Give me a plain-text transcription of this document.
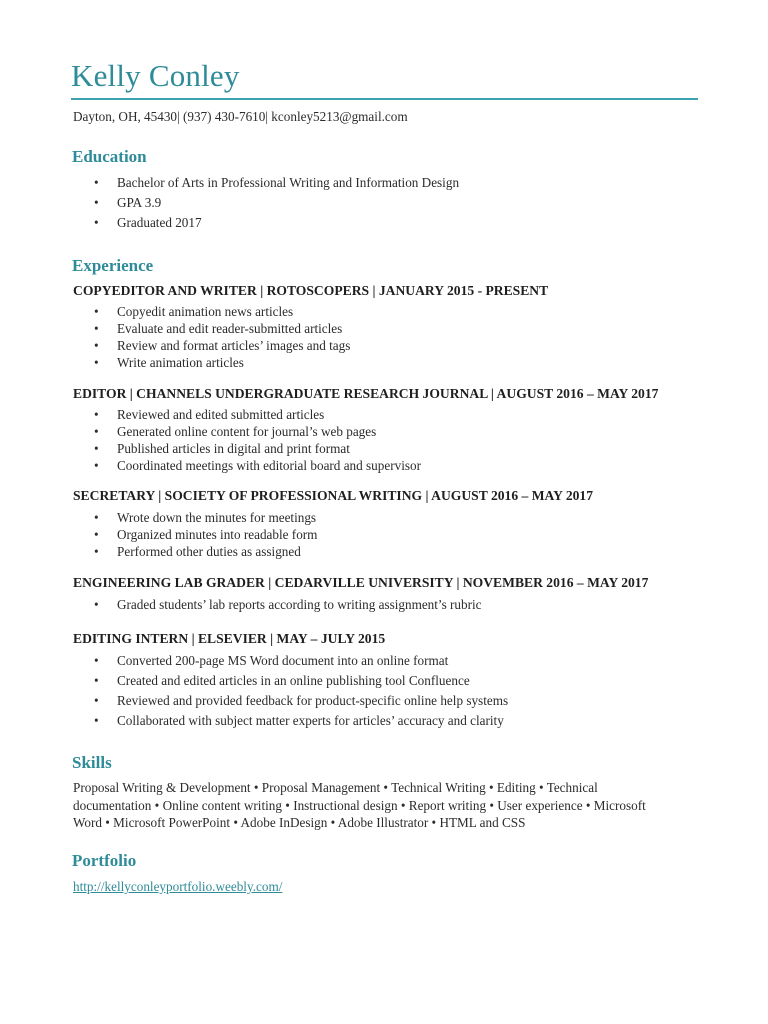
Kelly Conley
Dayton, OH, 45430| (937) 430-7610| kconley5213@gmail.com
Education
• Bachelor of Arts in Professional Writing and Information Design
• GPA 3.9
• Graduated 2017
Experience
COPYEDITOR AND WRITER | ROTOSCOPERS | JANUARY 2015 - PRESENT
• Copyedit animation news articles
• Evaluate and edit reader-submitted articles
• Review and format articles’ images and tags
• Write animation articles
EDITOR | CHANNELS UNDERGRADUATE RESEARCH JOURNAL | AUGUST 2016 – MAY 2017
• Reviewed and edited submitted articles
• Generated online content for journal’s web pages
• Published articles in digital and print format
• Coordinated meetings with editorial board and supervisor
SECRETARY | SOCIETY OF PROFESSIONAL WRITING | AUGUST 2016 – MAY 2017
• Wrote down the minutes for meetings
• Organized minutes into readable form
• Performed other duties as assigned
ENGINEERING LAB GRADER | CEDARVILLE UNIVERSITY | NOVEMBER 2016 – MAY 2017
• Graded students’ lab reports according to writing assignment’s rubric
EDITING INTERN | ELSEVIER | MAY – JULY 2015
• Converted 200-page MS Word document into an online format
• Created and edited articles in an online publishing tool Confluence
• Reviewed and provided feedback for product-specific online help systems
• Collaborated with subject matter experts for articles’ accuracy and clarity
Skills
Proposal Writing & Development • Proposal Management • Technical Writing • Editing • Technical documentation • Online content writing • Instructional design • Report writing • User experience • Microsoft Word • Microsoft PowerPoint • Adobe InDesign • Adobe Illustrator • HTML and CSS
Portfolio
http://kellyconleyportfolio.weebly.com/
